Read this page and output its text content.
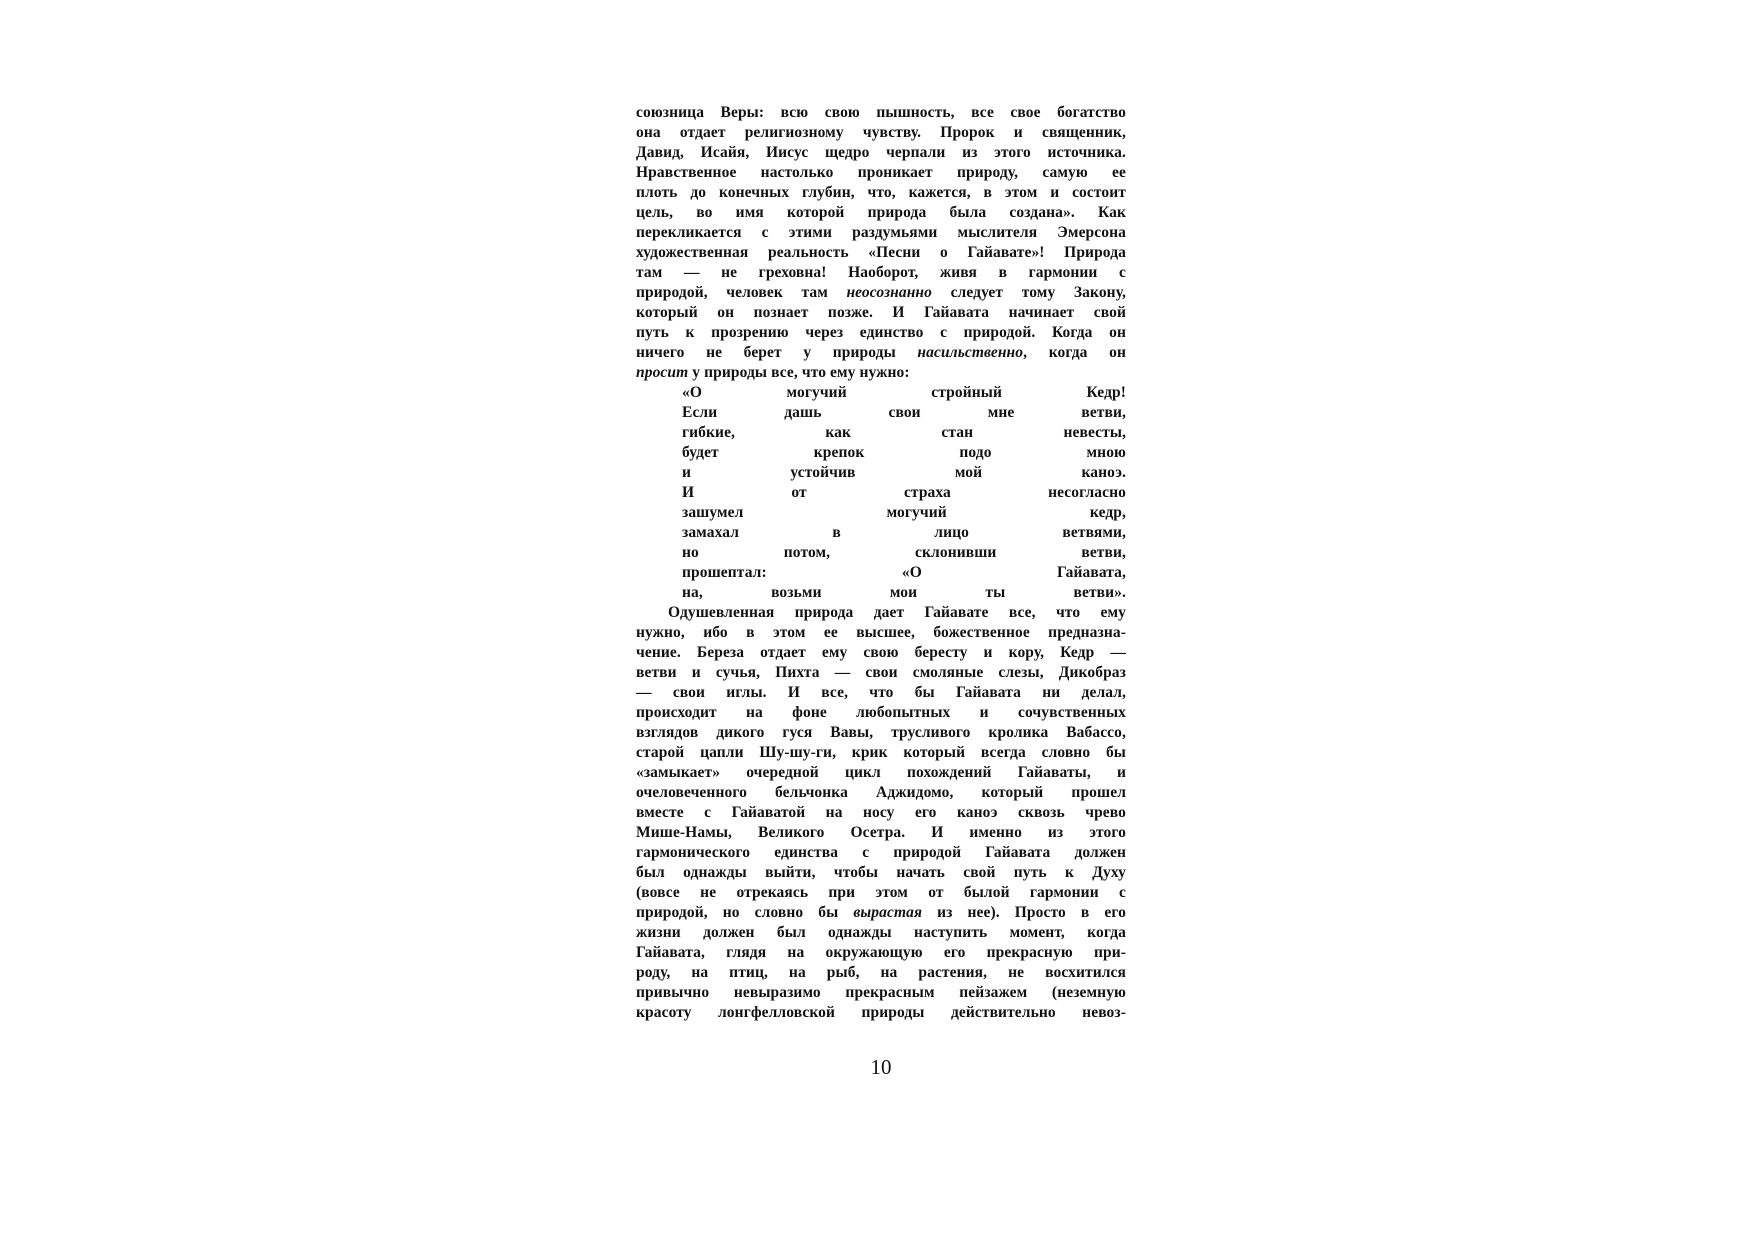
союзница Веры: всю свою пышность, все свое богатство
она отдает религиозному чувству. Пророк и священник,
Давид, Исайя, Иисус щедро черпали из этого источника.
Нравственное настолько проникает природу, самую ее
плоть до конечных глубин, что, кажется, в этом и состоит
цель, во имя которой природа была создана». Как
перекликается с этими раздумьями мыслителя Эмерсона
художественная реальность «Песни о Гайавате»! Природа
там — не греховна! Наоборот, живя в гармонии с
природой, человек там неосознанно следует тому Закону,
который он познает позже. И Гайавата начинает свой
путь к прозрению через единство с природой. Когда он
ничего не берет у природы насильственно, когда он
просит у природы все, что ему нужно:
«О могучий стройный Кедр!
Если дашь свои мне ветви,
гибкие, как стан невесты,
будет крепок подо мною
и устойчив мой каноэ.
И от страха несогласно
зашумел могучий кедр,
замахал в лицо ветвями,
но потом, склонивши ветви,
прошептал: «О Гайавата,
на, возьми мои ты ветви».
Одушевленная природа дает Гайавате все, что ему
нужно, ибо в этом ее высшее, божественное предназна-
чение. Береза отдает ему свою бересту и кору, Кедр —
ветви и сучья, Пихта — свои смоляные слезы, Дикобраз
— свои иглы. И все, что бы Гайавата ни делал,
происходит на фоне любопытных и сочувственных
взглядов дикого гуся Вавы, трусливого кролика Вабассо,
старой цапли Шу-шу-ги, крик который всегда словно бы
«замыкает» очередной цикл похождений Гайаваты, и
очеловеченного бельчонка Аджидомо, который прошел
вместе с Гайаватой на носу его каноэ сквозь чрево
Мише-Намы, Великого Осетра. И именно из этого
гармонического единства с природой Гайавата должен
был однажды выйти, чтобы начать свой путь к Духу
(вовсе не отрекаясь при этом от былой гармонии с
природой, но словно бы вырастая из нее). Просто в его
жизни должен был однажды наступить момент, когда
Гайавата, глядя на окружающую его прекрасную при-
роду, на птиц, на рыб, на растения, не восхитился
привычно невыразимо прекрасным пейзажем (неземную
красоту лонгфелловской природы действительно невоз-
10
